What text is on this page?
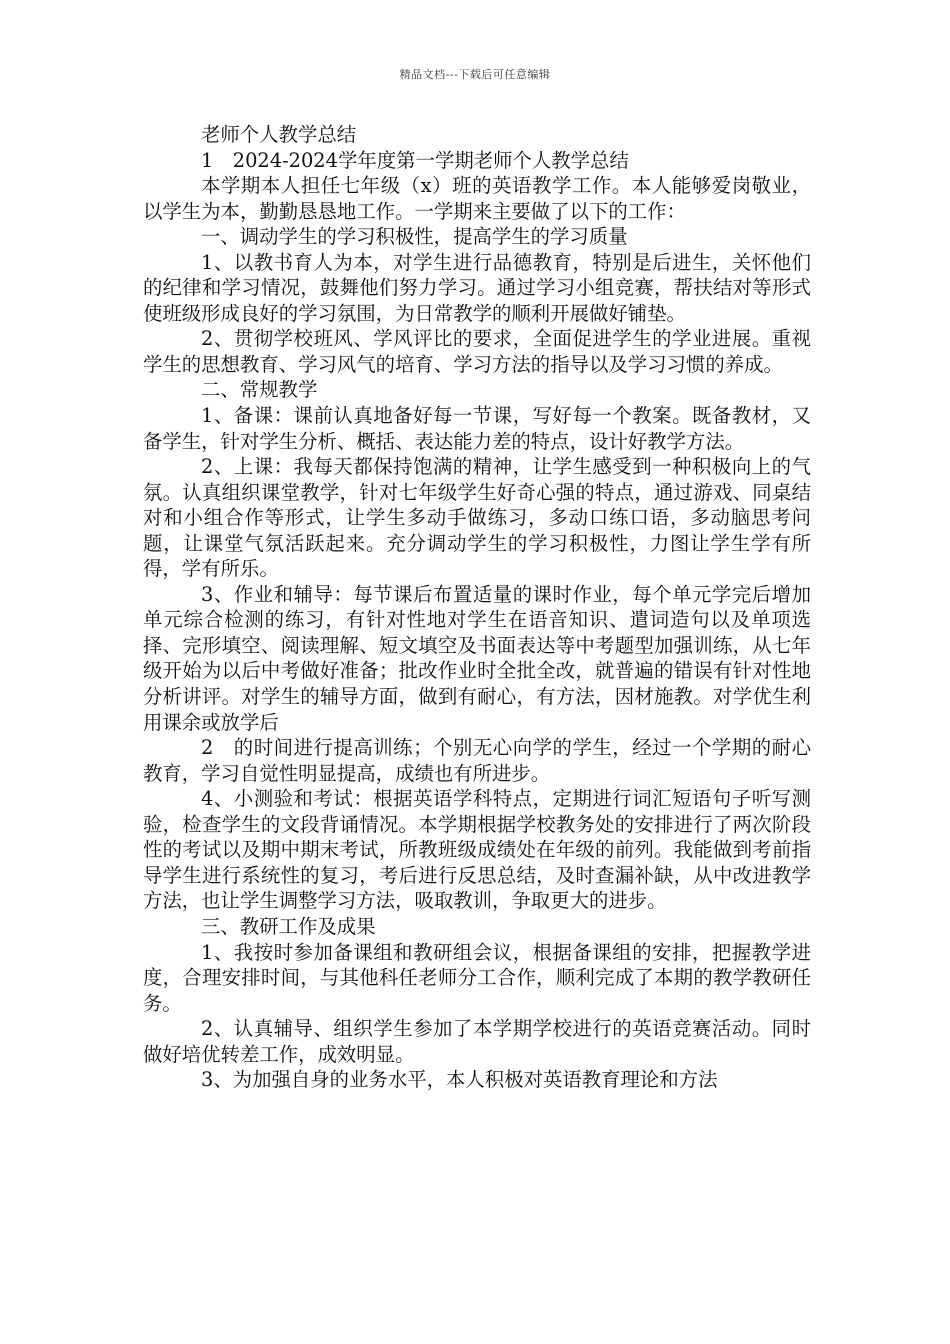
精品文档---下载后可任意编辑

老师个人教学总结

1　2024-2024学年度第一学期老师个人教学总结

本学期本人担任七年级（x）班的英语教学工作。本人能够爱岗敬业，以学生为本，勤勤恳恳地工作。一学期来主要做了以下的工作：

一、调动学生的学习积极性，提高学生的学习质量

1、以教书育人为本，对学生进行品德教育，特别是后进生，关怀他们的纪律和学习情况，鼓舞他们努力学习。通过学习小组竞赛，帮扶结对等形式使班级形成良好的学习氛围，为日常教学的顺利开展做好铺垫。

2、贯彻学校班风、学风评比的要求，全面促进学生的学业进展。重视学生的思想教育、学习风气的培育、学习方法的指导以及学习习惯的养成。

二、常规教学

1、备课：课前认真地备好每一节课，写好每一个教案。既备教材，又备学生，针对学生分析、概括、表达能力差的特点，设计好教学方法。

2、上课：我每天都保持饱满的精神，让学生感受到一种积极向上的气氛。认真组织课堂教学，针对七年级学生好奇心强的特点，通过游戏、同桌结对和小组合作等形式，让学生多动手做练习，多动口练口语，多动脑思考问题，让课堂气氛活跃起来。充分调动学生的学习积极性，力图让学生学有所得，学有所乐。

3、作业和辅导：每节课后布置适量的课时作业，每个单元学完后增加单元综合检测的练习，有针对性地对学生在语音知识、遣词造句以及单项选择、完形填空、阅读理解、短文填空及书面表达等中考题型加强训练，从七年级开始为以后中考做好准备；批改作业时全批全改，就普遍的错误有针对性地分析讲评。对学生的辅导方面，做到有耐心，有方法，因材施教。对学优生利用课余或放学后

2　的时间进行提高训练；个别无心向学的学生，经过一个学期的耐心教育，学习自觉性明显提高，成绩也有所进步。

4、小测验和考试：根据英语学科特点，定期进行词汇短语句子听写测验，检查学生的文段背诵情况。本学期根据学校教务处的安排进行了两次阶段性的考试以及期中期末考试，所教班级成绩处在年级的前列。我能做到考前指导学生进行系统性的复习，考后进行反思总结，及时查漏补缺，从中改进教学方法，也让学生调整学习方法，吸取教训，争取更大的进步。

三、教研工作及成果

1、我按时参加备课组和教研组会议，根据备课组的安排，把握教学进度，合理安排时间，与其他科任老师分工合作，顺利完成了本期的教学教研任务。

2、认真辅导、组织学生参加了本学期学校进行的英语竞赛活动。同时做好培优转差工作，成效明显。

3、为加强自身的业务水平，本人积极对英语教育理论和方法
